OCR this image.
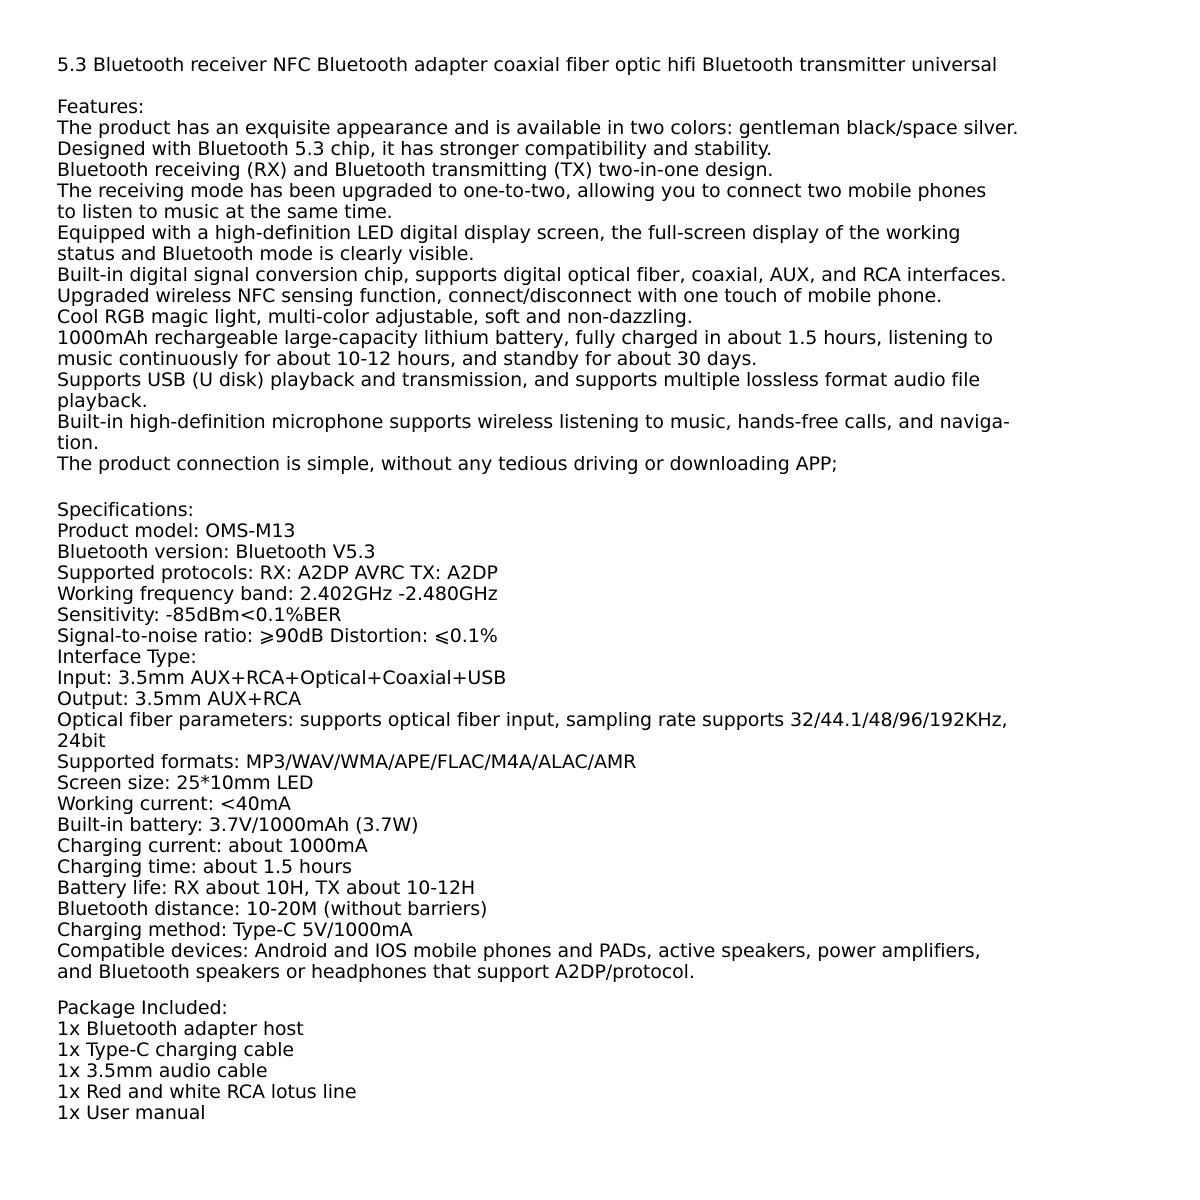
5.3 Bluetooth receiver NFC Bluetooth adapter coaxial fiber optic hifi Bluetooth transmitter universal
Features:
The product has an exquisite appearance and is available in two colors: gentleman black/space silver.
Designed with Bluetooth 5.3 chip, it has stronger compatibility and stability.
Bluetooth receiving (RX) and Bluetooth transmitting (TX) two-in-one design.
The receiving mode has been upgraded to one-to-two, allowing you to connect two mobile phones
to listen to music at the same time.
Equipped with a high-definition LED digital display screen, the full-screen display of the working
status and Bluetooth mode is clearly visible.
Built-in digital signal conversion chip, supports digital optical fiber, coaxial, AUX, and RCA interfaces.
Upgraded wireless NFC sensing function, connect/disconnect with one touch of mobile phone.
Cool RGB magic light, multi-color adjustable, soft and non-dazzling.
1000mAh rechargeable large-capacity lithium battery, fully charged in about 1.5 hours, listening to
music continuously for about 10-12 hours, and standby for about 30 days.
Supports USB (U disk) playback and transmission, and supports multiple lossless format audio file
playback.
Built-in high-definition microphone supports wireless listening to music, hands-free calls, and naviga-
tion.
The product connection is simple, without any tedious driving or downloading APP;
Specifications:
Product model: OMS-M13
Bluetooth version: Bluetooth V5.3
Supported protocols: RX: A2DP AVRC TX: A2DP
Working frequency band: 2.402GHz -2.480GHz
Sensitivity: -85dBm<0.1%BER
Signal-to-noise ratio: ⩾90dB Distortion: ⩽0.1%
Interface Type:
Input: 3.5mm AUX+RCA+Optical+Coaxial+USB
Output: 3.5mm AUX+RCA
Optical fiber parameters: supports optical fiber input, sampling rate supports 32/44.1/48/96/192KHz,
24bit
Supported formats: MP3/WAV/WMA/APE/FLAC/M4A/ALAC/AMR
Screen size: 25*10mm LED
Working current: <40mA
Built-in battery: 3.7V/1000mAh (3.7W)
Charging current: about 1000mA
Charging time: about 1.5 hours
Battery life: RX about 10H, TX about 10-12H
Bluetooth distance: 10-20M (without barriers)
Charging method: Type-C 5V/1000mA
Compatible devices: Android and IOS mobile phones and PADs, active speakers, power amplifiers,
and Bluetooth speakers or headphones that support A2DP/protocol.
Package Included:
1x Bluetooth adapter host
1x Type-C charging cable
1x 3.5mm audio cable
1x Red and white RCA lotus line
1x User manual
